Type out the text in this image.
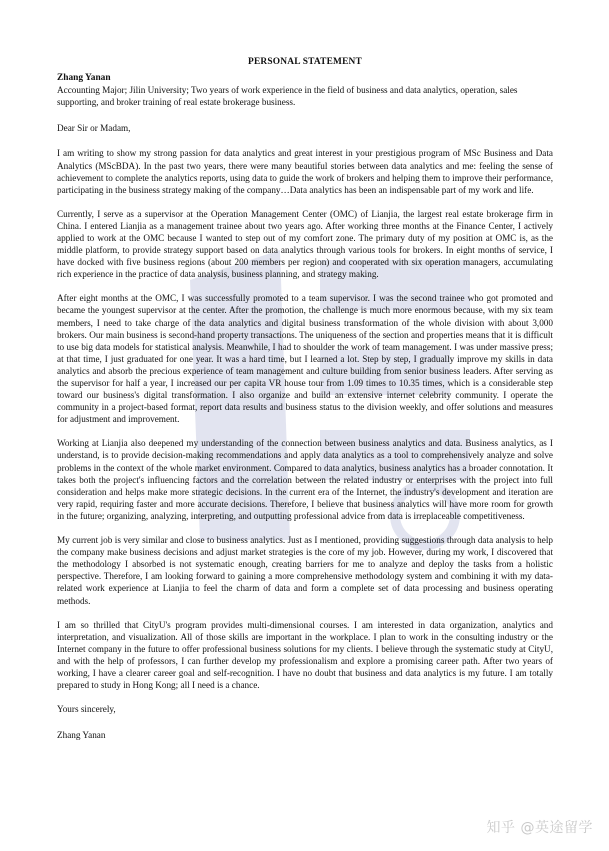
PERSONAL STATEMENT

Zhang Yanan

Accounting Major; Jilin University; Two years of work experience in the field of business and data analytics, operation, sales supporting, and broker training of real estate brokerage business.

Dear Sir or Madam,

I am writing to show my strong passion for data analytics and great interest in your prestigious program of MSc Business and Data Analytics (MScBDA). In the past two years, there were many beautiful stories between data analytics and me: feeling the sense of achievement to complete the analytics reports, using data to guide the work of brokers and helping them to improve their performance, participating in the business strategy making of the company…Data analytics has been an indispensable part of my work and life.

Currently, I serve as a supervisor at the Operation Management Center (OMC) of Lianjia, the largest real estate brokerage firm in China. I entered Lianjia as a management trainee about two years ago. After working three months at the Finance Center, I actively applied to work at the OMC because I wanted to step out of my comfort zone. The primary duty of my position at OMC is, as the middle platform, to provide strategy support based on data analytics through various tools for brokers. In eight months of service, I have docked with five business regions (about 200 members per region) and cooperated with six operation managers, accumulating rich experience in the practice of data analysis, business planning, and strategy making.

After eight months at the OMC, I was successfully promoted to a team supervisor. I was the second trainee who got promoted and became the youngest supervisor at the center. After the promotion, the challenge is much more enormous because, with my six team members, I need to take charge of the data analytics and digital business transformation of the whole division with about 3,000 brokers. Our main business is second-hand property transactions. The uniqueness of the section and properties means that it is difficult to use big data models for statistical analysis. Meanwhile, I had to shoulder the work of team management. I was under massive press; at that time, I just graduated for one year. It was a hard time, but I learned a lot. Step by step, I gradually improve my skills in data analytics and absorb the precious experience of team management and culture building from senior business leaders. After serving as the supervisor for half a year, I increased our per capita VR house tour from 1.09 times to 10.35 times, which is a considerable step toward our business's digital transformation. I also organize and build an extensive internet celebrity community. I operate the community in a project-based format, report data results and business status to the division weekly, and offer solutions and measures for adjustment and improvement.

Working at Lianjia also deepened my understanding of the connection between business analytics and data. Business analytics, as I understand, is to provide decision-making recommendations and apply data analytics as a tool to comprehensively analyze and solve problems in the context of the whole market environment. Compared to data analytics, business analytics has a broader connotation. It takes both the project's influencing factors and the correlation between the related industry or enterprises with the project into full consideration and helps make more strategic decisions. In the current era of the Internet, the industry's development and iteration are very rapid, requiring faster and more accurate decisions. Therefore, I believe that business analytics will have more room for growth in the future; organizing, analyzing, interpreting, and outputting professional advice from data is irreplaceable competitiveness.

My current job is very similar and close to business analytics. Just as I mentioned, providing suggestions through data analysis to help the company make business decisions and adjust market strategies is the core of my job. However, during my work, I discovered that the methodology I absorbed is not systematic enough, creating barriers for me to analyze and deploy the tasks from a holistic perspective. Therefore, I am looking forward to gaining a more comprehensive methodology system and combining it with my data-related work experience at Lianjia to feel the charm of data and form a complete set of data processing and business operating methods.

I am so thrilled that CityU's program provides multi-dimensional courses. I am interested in data organization, analytics and interpretation, and visualization. All of those skills are important in the workplace. I plan to work in the consulting industry or the Internet company in the future to offer professional business solutions for my clients. I believe through the systematic study at CityU, and with the help of professors, I can further develop my professionalism and explore a promising career path. After two years of working, I have a clearer career goal and self-recognition. I have no doubt that business and data analytics is my future. I am totally prepared to study in Hong Kong; all I need is a chance.

Yours sincerely,

Zhang Yanan

知乎 @英途留学
